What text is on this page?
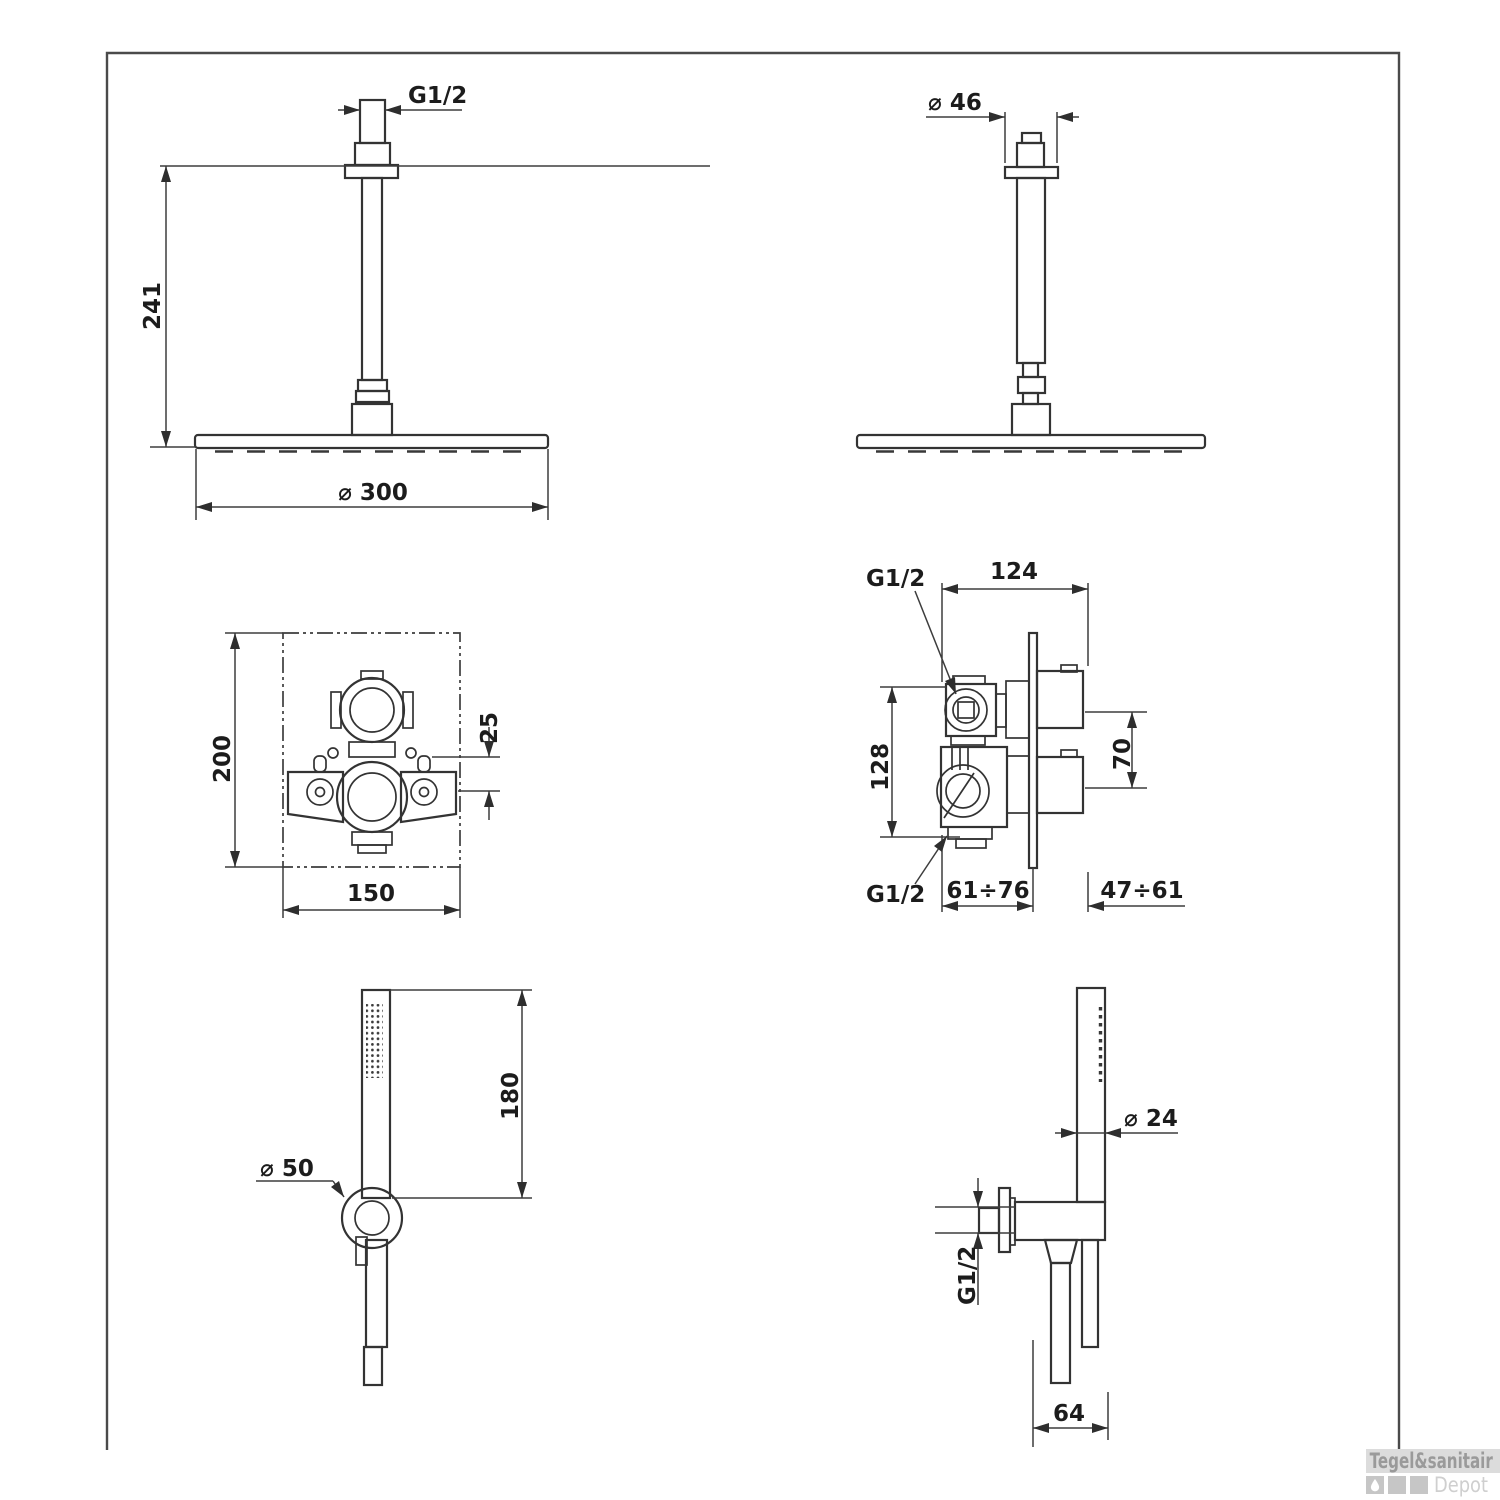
G1/2
241
⌀ 300
⌀ 46
200
150
25
124
G1/2
128	70
G1/2 61÷76	47÷61
⌀ 50
180	⌀ 24
G1/2
64
Tegel&sanitair
Depot
